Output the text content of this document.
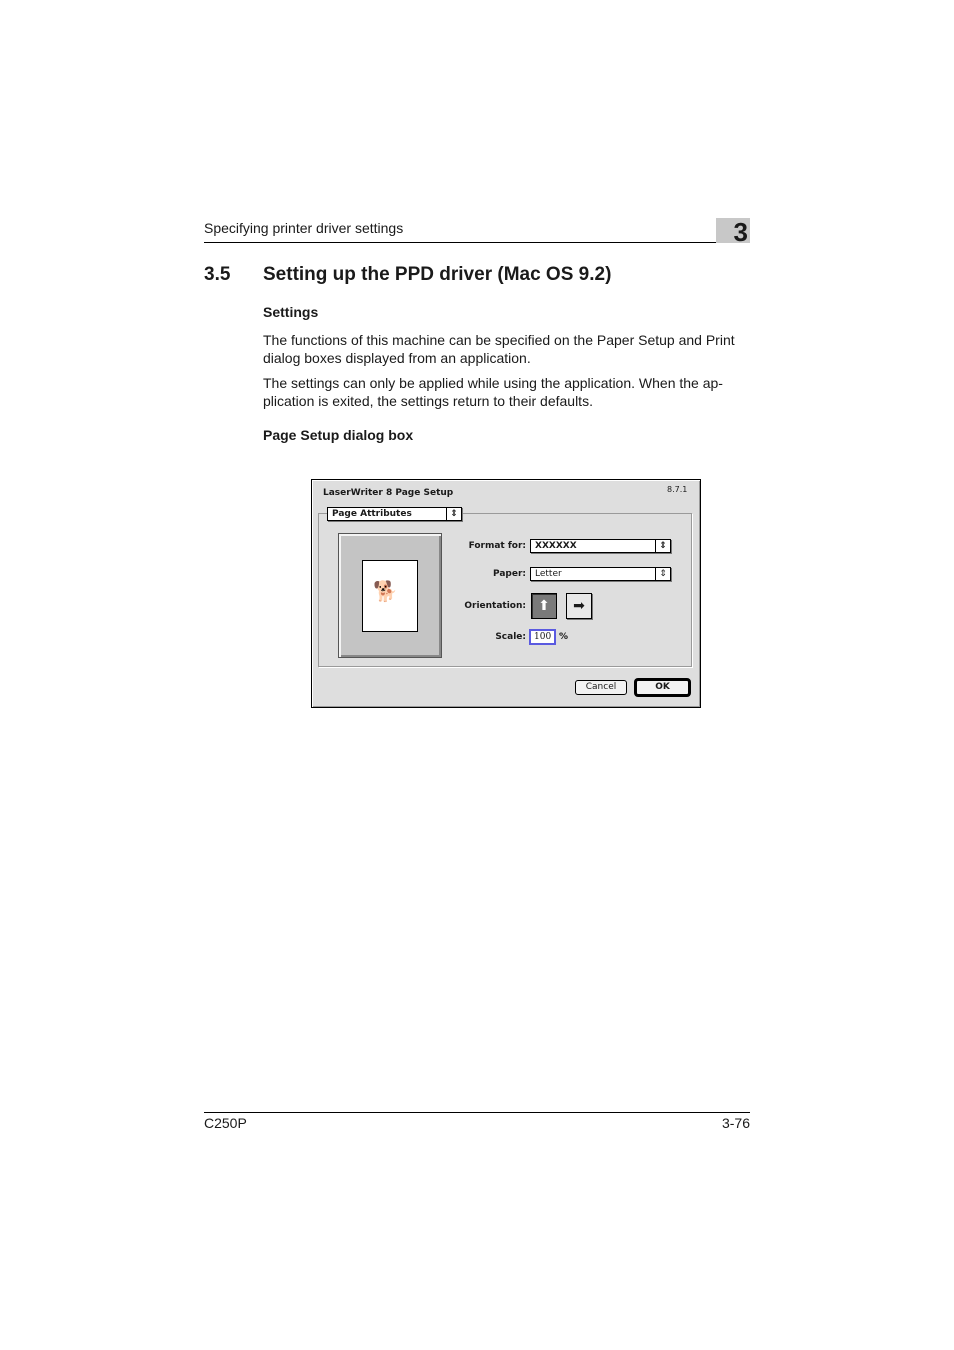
Specifying printer driver settings	3
3.5 Setting up the PPD driver (Mac OS 9.2)
Settings
The functions of this machine can be specified on the Paper Setup and Print dialog boxes displayed from an application.
The settings can only be applied while using the application. When the ap-plication is exited, the settings return to their defaults.
Page Setup dialog box
LaserWriter 8 Page Setup	8.7.1
Page Attributes	⇕
🐕
Format for:	XXXXXX	⇕
Paper:	Letter	⇕
Orientation: ⬆	➡
Scale: 100 %
Cancel	OK
C250P	3-76
